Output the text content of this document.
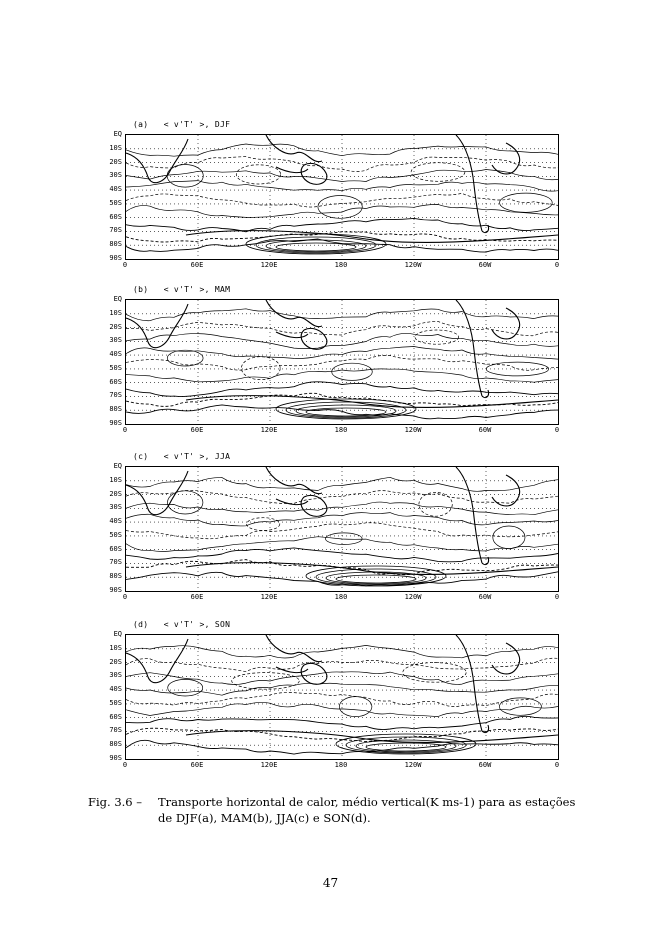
(a)   < v'T' >, DJF
EQ
10S
20S
30S
40S
50S
60S
70S
80S
90S
0	60E	120E	180	120W	60W	0
(b)   < v'T' >, MAM
EQ
10S
20S
30S
40S
50S
60S
70S
80S
90S
0	60E	120E	180	120W	60W	0
(c)   < v'T' >, JJA
EQ
10S
20S
30S
40S
50S
60S
70S
80S
90S
0	60E	120E	180	120W	60W	0
(d)   < v'T' >, SON
EQ
10S
20S
30S
40S
50S
60S
70S
80S
90S
0	60E	120E	180	120W	60W	0
Fig. 3.6 – Transporte horizontal de calor, médio vertical(K ms-1) para as estações de DJF(a), MAM(b), JJA(c) e SON(d).
47
